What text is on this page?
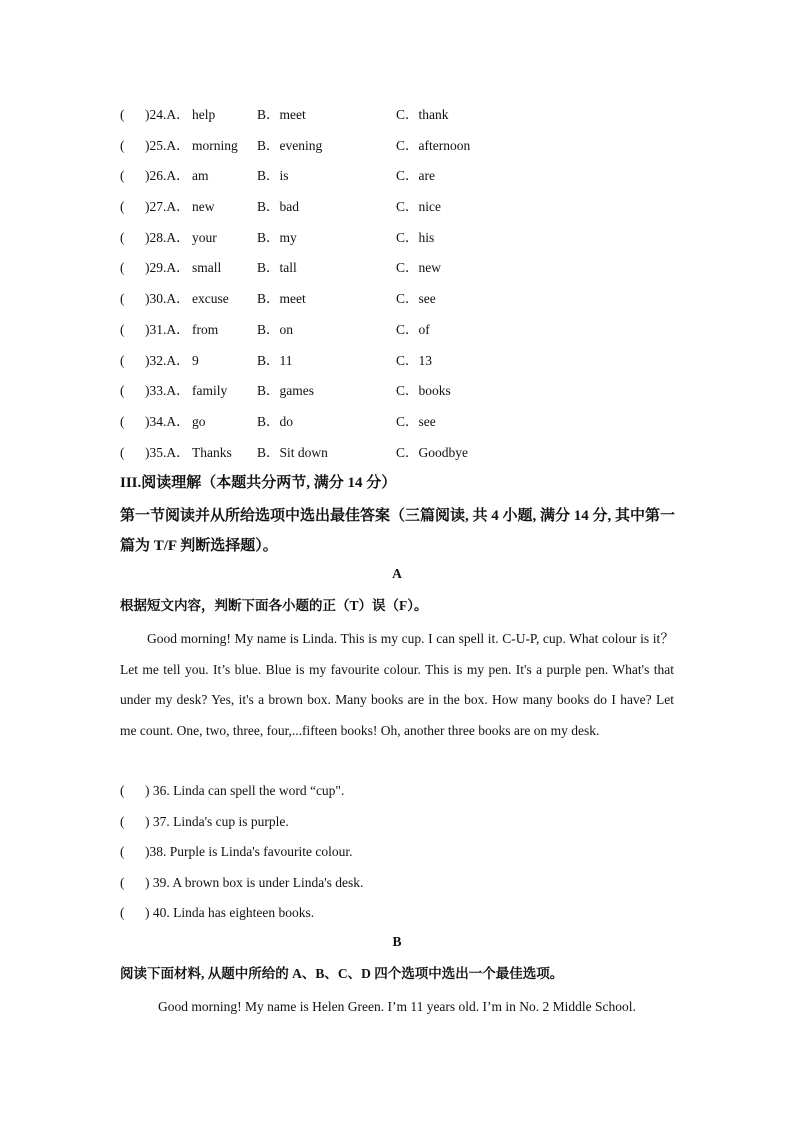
( )24.A． help	B．meet	C．thank
( )25.A． morning B．evening	C．afternoon
( )26.A． am	B．is	C．are
( )27.A． new	B．bad	C．nice
( )28.A． your	B．my	C．his
( )29.A． small	B．tall	C．new
( )30.A． excuse B．meet	C．see
( )31.A． from	B．on	C．of
( )32.A． 9	B．11	C．13
( )33.A． family B．games	C．books
( )34.A． go	B．do	C．see
( )35.A． Thanks B．Sit down	C．Goodbye
III.阅读理解（本题共分两节, 满分 14 分）
第一节阅读并从所给选项中选出最佳答案（三篇阅读, 共 4 小题, 满分 14 分, 其中第一篇为 T/F 判断选择题）。
A
根据短文内容，判断下面各小题的正（T）误（F）。
Good morning! My name is Linda. This is my cup. I can spell it. C-U-P, cup. What colour is it？Let me tell you. It’s blue. Blue is my favourite colour. This is my pen. It's a purple pen. What's that under my desk? Yes, it's a brown box. Many books are in the box. How many books do I have? Let me count. One, two, three, four,...fifteen books! Oh, another three books are on my desk.
( ) 36. Linda can spell the word “cup".
( ) 37. Linda's cup is purple.
( )38. Purple is Linda's favourite colour.
( ) 39. A brown box is under Linda's desk.
( ) 40. Linda has eighteen books.
B
阅读下面材料, 从题中所给的 A、B、C、D 四个选项中选出一个最佳选项。
Good morning! My name is Helen Green. I’m 11 years old. I’m in No. 2 Middle School.
